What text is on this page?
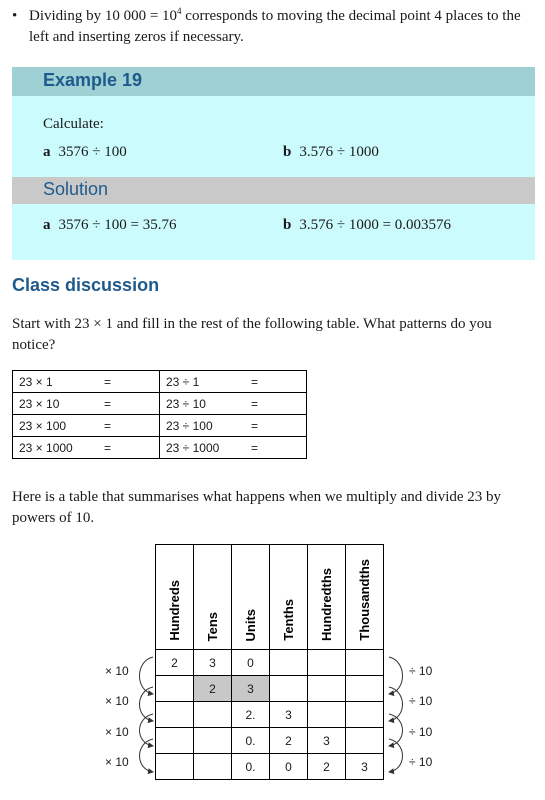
• Dividing by 10 $000 = 10^4$ corresponds to moving the decimal point 4 places to the left and inserting zeros if necessary.
Example 19
Calculate:
a 3576 ÷ 100	b 3.576 ÷ 1000
Solution
a 3576 ÷ 100 = 35.76	b 3.576 ÷ 1000 = 0.003576
Class discussion
Start with 23 × 1 and fill in the rest of the following table. What patterns do you notice?
23 × 1 =	23 ÷ 1 =

23 × 10 =	23 ÷ 10 =

23 × 100 =	23 ÷ 100 =

23 × 1000 =	23 ÷ 1000 =
Here is a table that summarises what happens when we multiply and divide 23 by powers of 10.
Hundreds	Tens	Units	Tenths	Hundredths	Thousandths

2	3	0			
	2	3			
		2.	3		
		0.	2	3	
		0.	0	2	3
× 10	÷ 10
× 10	÷ 10
× 10	÷ 10
× 10	÷ 10
